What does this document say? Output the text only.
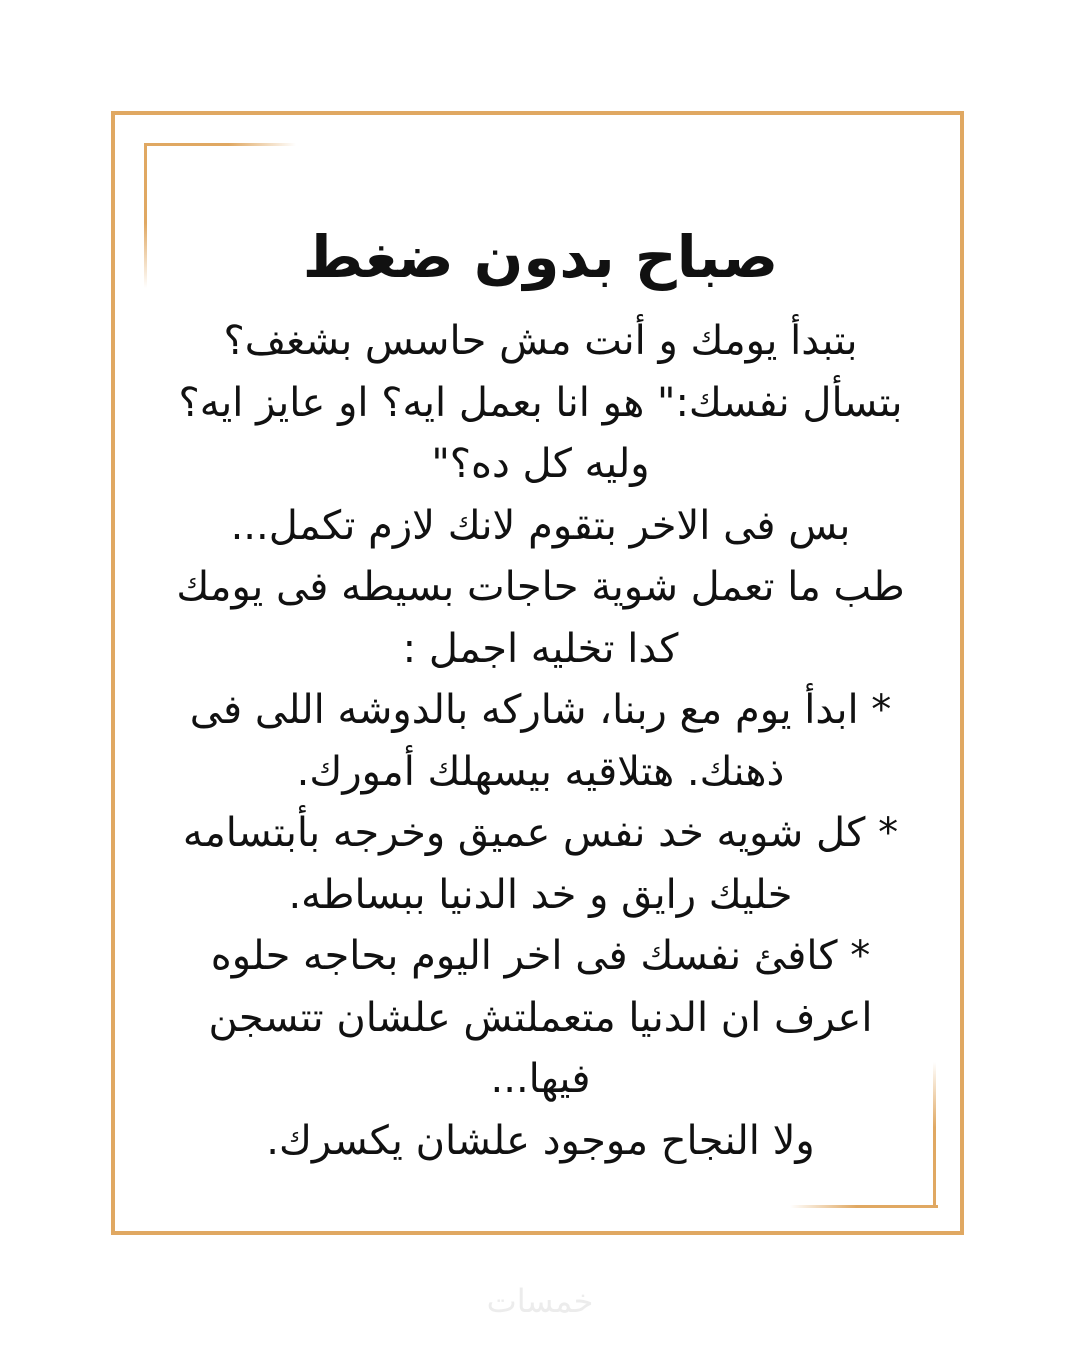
صباح بدون ضغط
بتبدأ يومك و أنت مش حاسس بشغف؟
بتسأل نفسك:" هو انا بعمل ايه؟ او عايز ايه؟
وليه كل ده؟"
بس فى الاخر بتقوم لانك لازم تكمل...
طب ما تعمل شوية حاجات بسيطه فى يومك
كدا تخليه اجمل :
* ابدأ يوم مع ربنا، شاركه بالدوشه اللى فى
ذهنك. هتلاقيه بيسهلك أمورك.
* كل شويه خد نفس عميق وخرجه بأبتسامه
خليك رايق و خد الدنيا ببساطه.
* كافئ نفسك فى اخر اليوم بحاجه حلوه
اعرف ان الدنيا متعملتش علشان تتسجن
فيها...
ولا النجاح موجود علشان يكسرك.
خمسات
